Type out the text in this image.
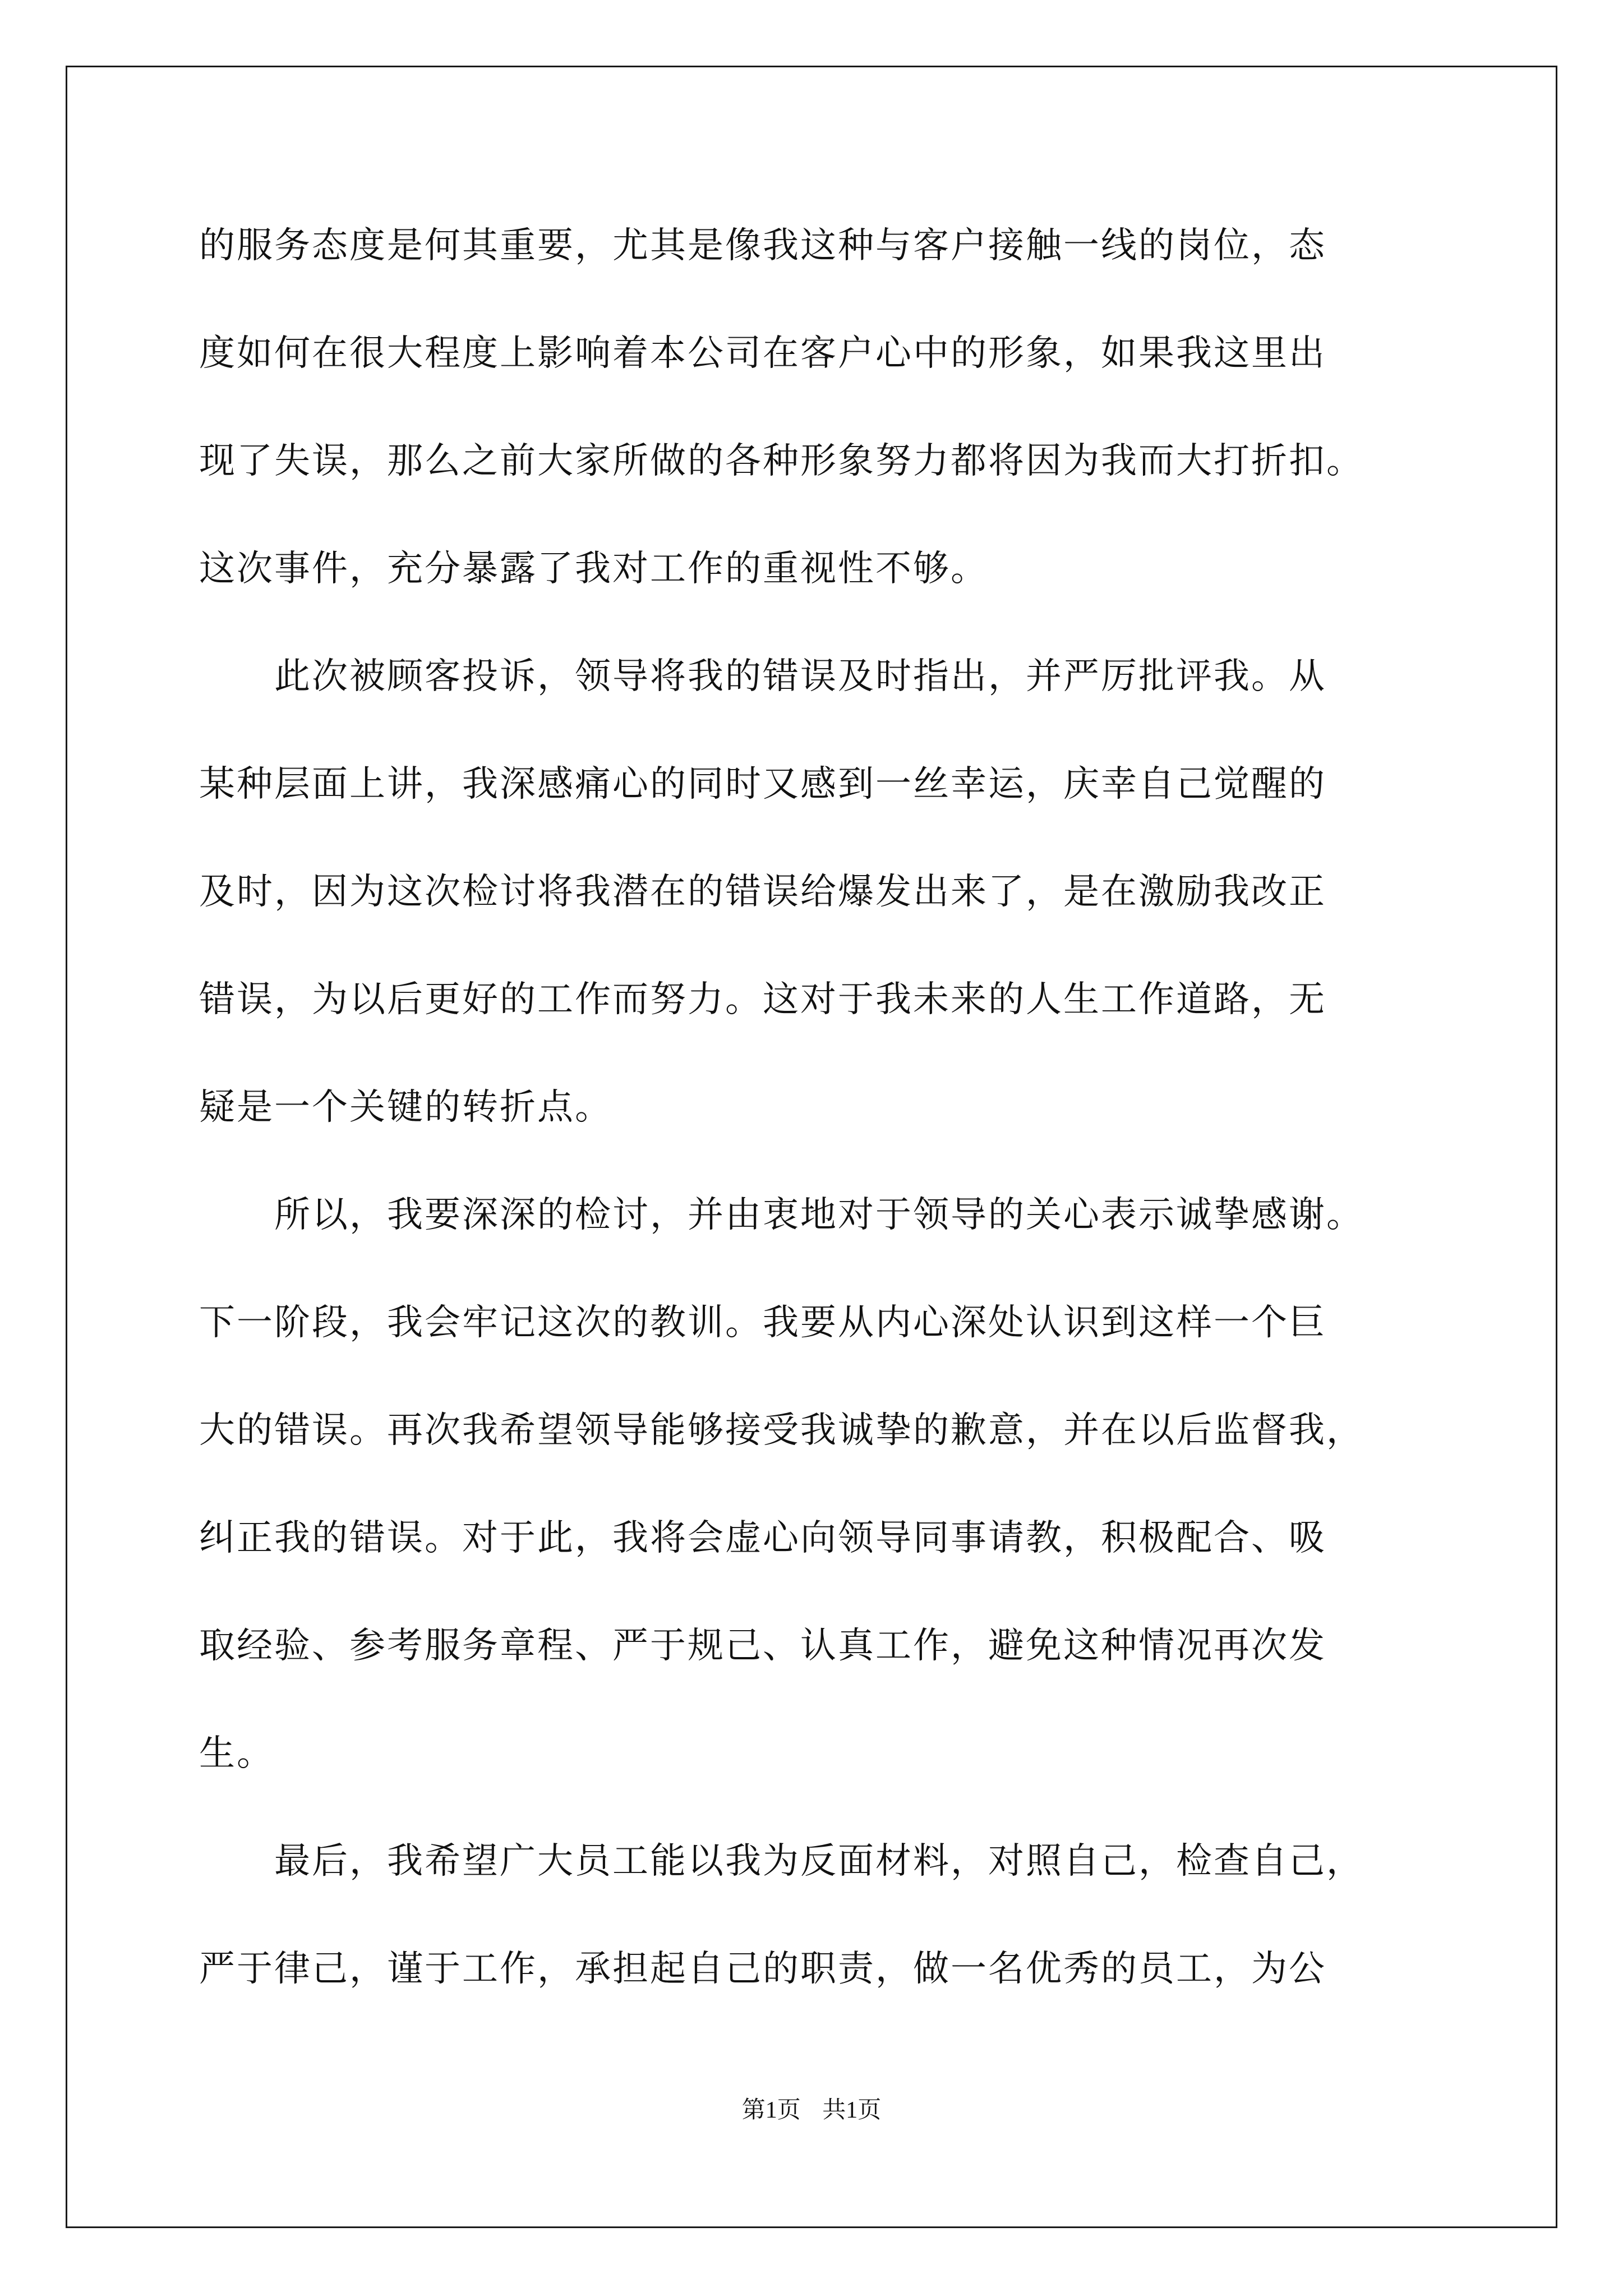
的服务态度是何其重要，尤其是像我这种与客户接触一线的岗位，态
度如何在很大程度上影响着本公司在客户心中的形象，如果我这里出
现了失误，那么之前大家所做的各种形象努力都将因为我而大打折扣。
这次事件，充分暴露了我对工作的重视性不够。
　　此次被顾客投诉，领导将我的错误及时指出，并严厉批评我。从
某种层面上讲，我深感痛心的同时又感到一丝幸运，庆幸自己觉醒的
及时，因为这次检讨将我潜在的错误给爆发出来了，是在激励我改正
错误，为以后更好的工作而努力。这对于我未来的人生工作道路，无
疑是一个关键的转折点。
　　所以，我要深深的检讨，并由衷地对于领导的关心表示诚挚感谢。
下一阶段，我会牢记这次的教训。我要从内心深处认识到这样一个巨
大的错误。再次我希望领导能够接受我诚挚的歉意，并在以后监督我，
纠正我的错误。对于此，我将会虚心向领导同事请教，积极配合、吸
取经验、参考服务章程、严于规己、认真工作，避免这种情况再次发
生。
　　最后，我希望广大员工能以我为反面材料，对照自己，检查自己，
严于律己，谨于工作，承担起自己的职责，做一名优秀的员工，为公
第1页 共1页
